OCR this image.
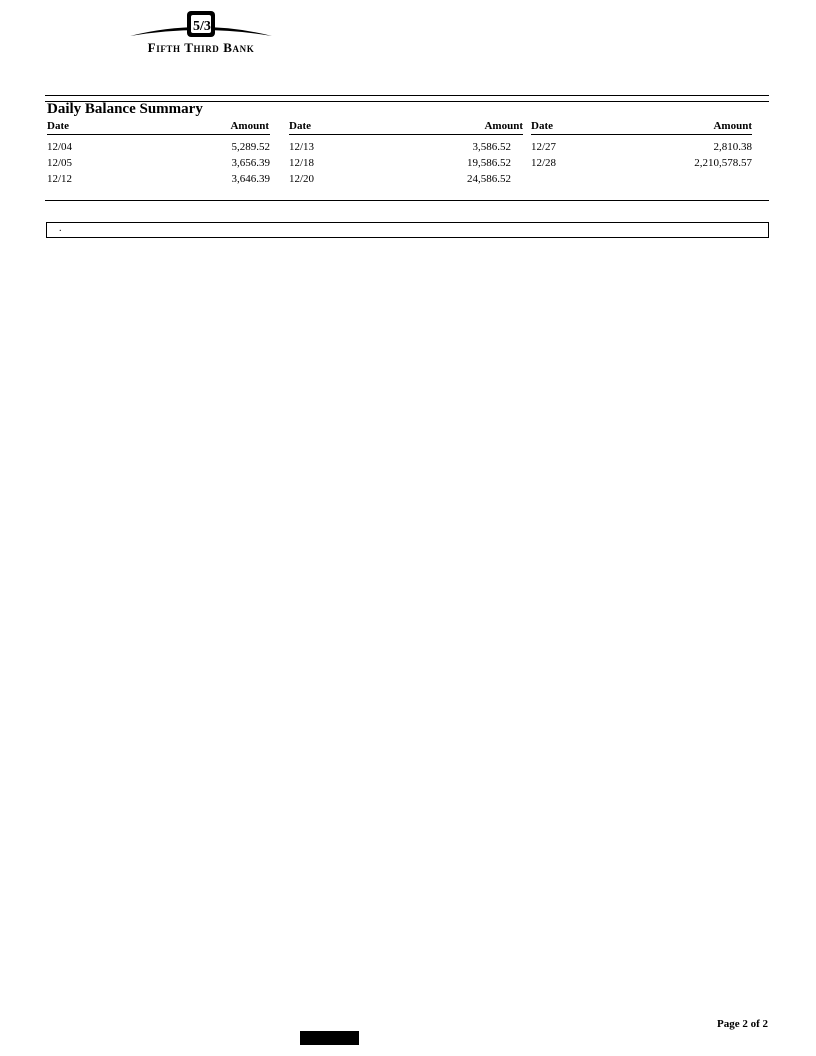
5/3
Fifth Third Bank
Daily Balance Summary
Date	Amount
12/04	5,289.52
12/05	3,656.39
12/12	3,646.39
Date	Amount
12/13	3,586.52
12/18	19,586.52
12/20	24,586.52
Date	Amount
12/27	2,810.38
12/28	2,210,578.57
.
Page 2 of 2
